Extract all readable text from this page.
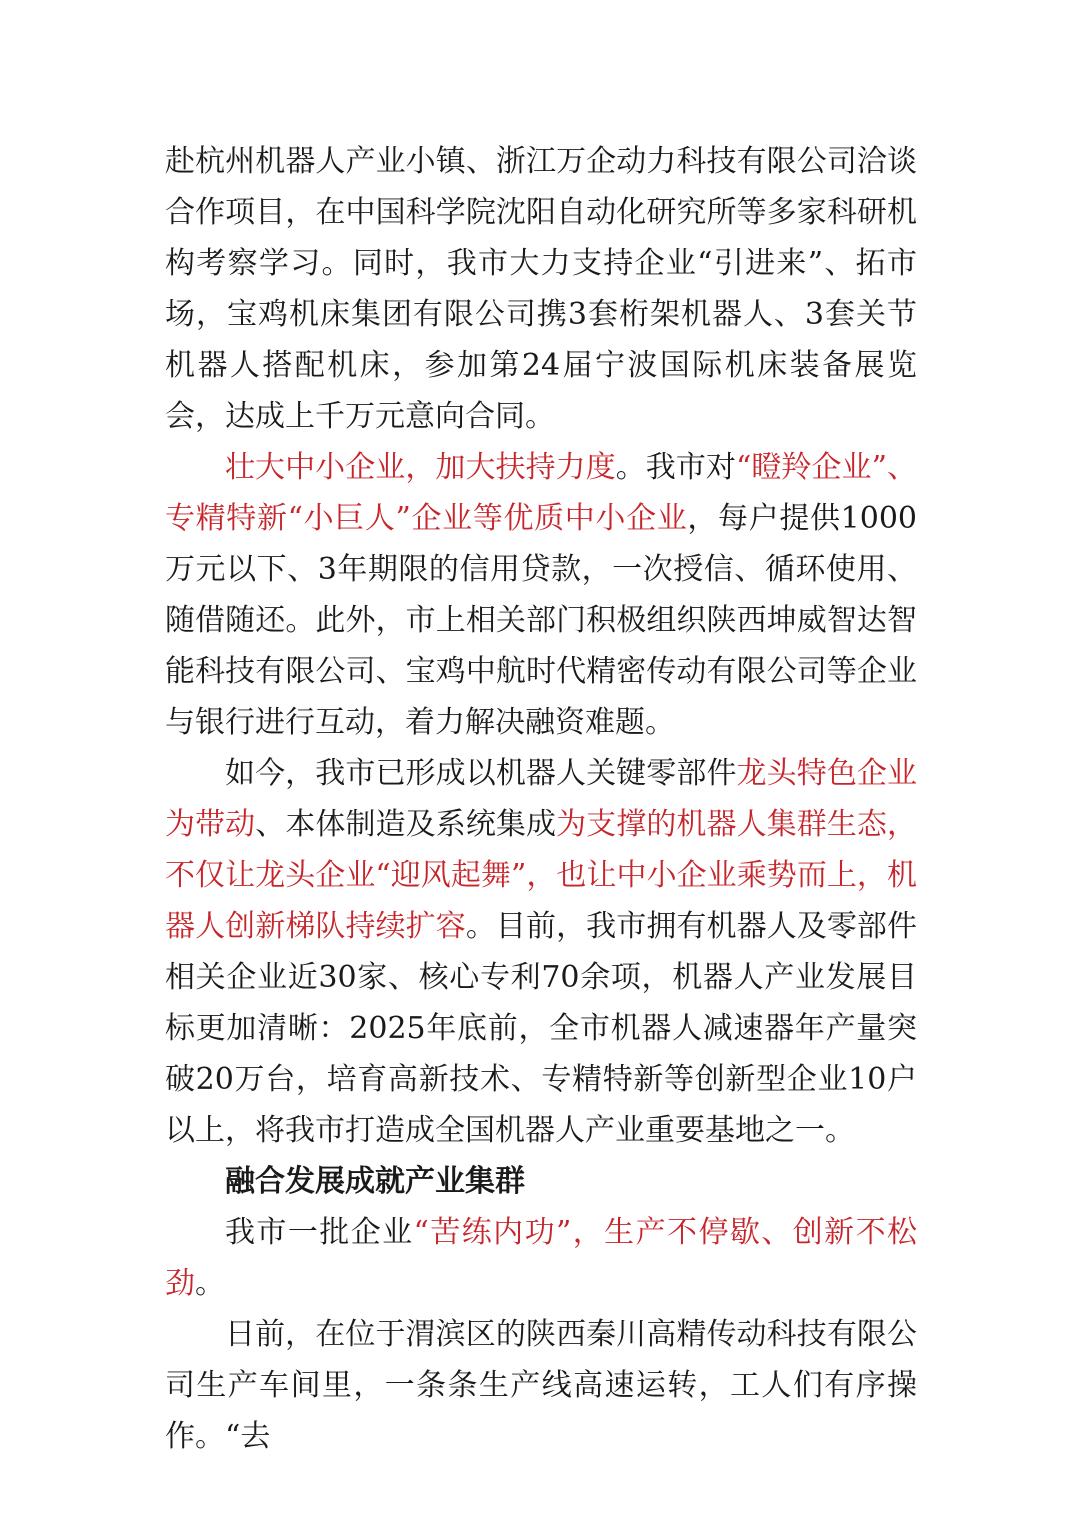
赴杭州机器人产业小镇、浙江万企动力科技有限公司洽谈合作项目，在中国科学院沈阳自动化研究所等多家科研机构考察学习。同时，我市大力支持企业“引进来”、拓市场，宝鸡机床集团有限公司携3套桁架机器人、3套关节机器人搭配机床，参加第24届宁波国际机床装备展览会，达成上千万元意向合同。

壮大中小企业，加大扶持力度。我市对“瞪羚企业”、专精特新“小巨人”企业等优质中小企业，每户提供1000万元以下、3年期限的信用贷款，一次授信、循环使用、随借随还。此外，市上相关部门积极组织陕西坤威智达智能科技有限公司、宝鸡中航时代精密传动有限公司等企业与银行进行互动，着力解决融资难题。

如今，我市已形成以机器人关键零部件龙头特色企业为带动、本体制造及系统集成为支撑的机器人集群生态，不仅让龙头企业“迎风起舞”，也让中小企业乘势而上，机器人创新梯队持续扩容。目前，我市拥有机器人及零部件相关企业近30家、核心专利70余项，机器人产业发展目标更加清晰：2025年底前，全市机器人减速器年产量突破20万台，培育高新技术、专精特新等创新型企业10户以上，将我市打造成全国机器人产业重要基地之一。

融合发展成就产业集群

我市一批企业“苦练内功”，生产不停歇、创新不松劲。

日前，在位于渭滨区的陕西秦川高精传动科技有限公司生产车间里，一条条生产线高速运转，工人们有序操作。“去
